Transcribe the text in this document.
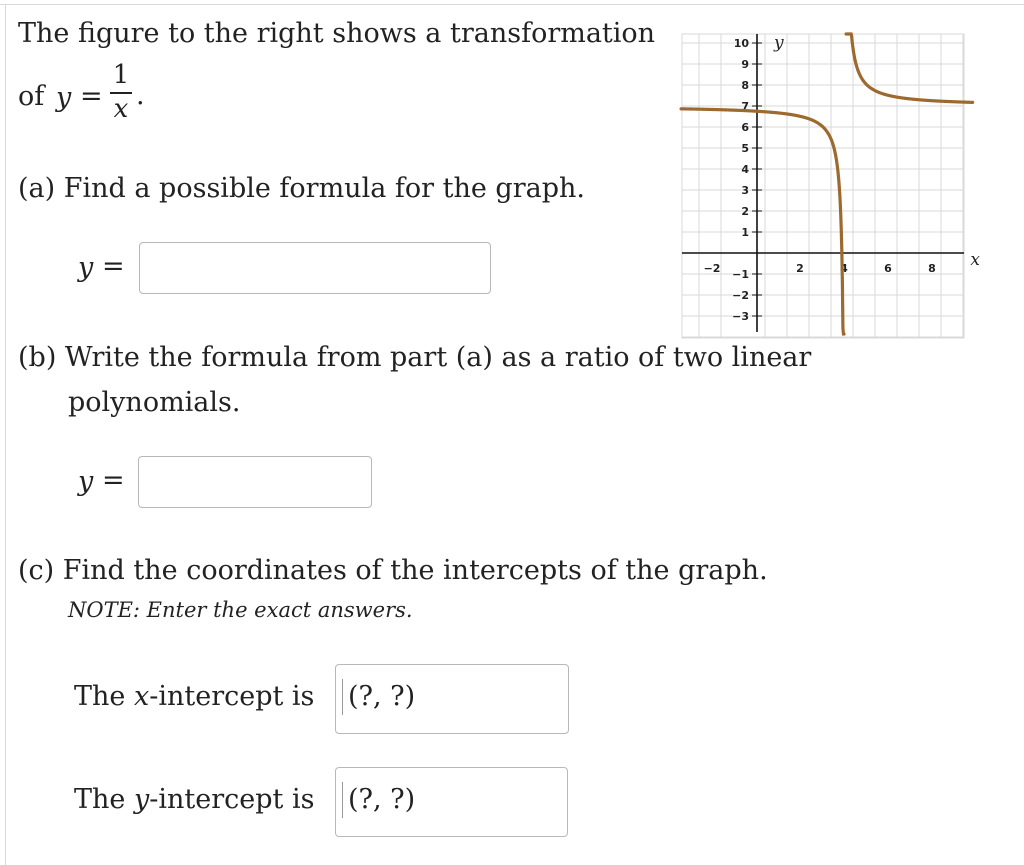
The figure to the right shows a transformation
of y =
1
x .
(a) Find a possible formula for the graph.
y =
10
9
8
7
6
5
4
3
2
1
−1
−2
−3
−2	2	4	6	8
y
x
(b) Write the formula from part (a) as a ratio of two linear
polynomials.
y =
(c) Find the coordinates of the intercepts of the graph.
NOTE: Enter the exact answers.
The x-intercept is (?, ?)
The y-intercept is (?, ?)
